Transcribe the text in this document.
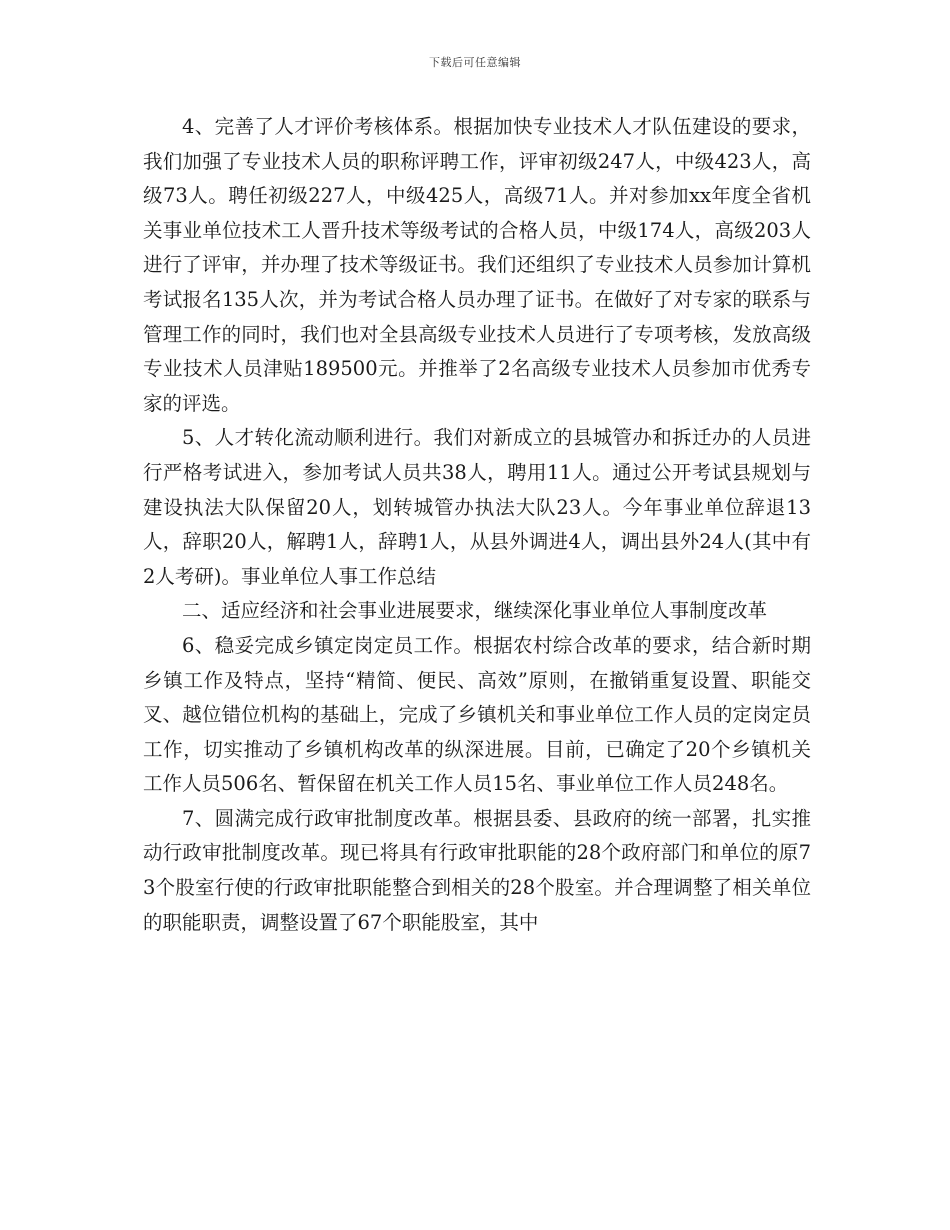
下载后可任意编辑

4、完善了人才评价考核体系。根据加快专业技术人才队伍建设的要求，我们加强了专业技术人员的职称评聘工作，评审初级247人，中级423人，高级73人。聘任初级227人，中级425人，高级71人。并对参加xx年度全省机关事业单位技术工人晋升技术等级考试的合格人员，中级174人，高级203人进行了评审，并办理了技术等级证书。我们还组织了专业技术人员参加计算机考试报名135人次，并为考试合格人员办理了证书。在做好了对专家的联系与管理工作的同时，我们也对全县高级专业技术人员进行了专项考核，发放高级专业技术人员津贴189500元。并推举了2名高级专业技术人员参加市优秀专家的评选。

5、人才转化流动顺利进行。我们对新成立的县城管办和拆迁办的人员进行严格考试进入，参加考试人员共38人，聘用11人。通过公开考试县规划与建设执法大队保留20人，划转城管办执法大队23人。今年事业单位辞退13人，辞职20人，解聘1人，辞聘1人，从县外调进4人，调出县外24人(其中有2人考研)。事业单位人事工作总结

二、适应经济和社会事业进展要求，继续深化事业单位人事制度改革

6、稳妥完成乡镇定岗定员工作。根据农村综合改革的要求，结合新时期乡镇工作及特点，坚持“精简、便民、高效”原则，在撤销重复设置、职能交叉、越位错位机构的基础上，完成了乡镇机关和事业单位工作人员的定岗定员工作，切实推动了乡镇机构改革的纵深进展。目前，已确定了20个乡镇机关工作人员506名、暂保留在机关工作人员15名、事业单位工作人员248名。

7、圆满完成行政审批制度改革。根据县委、县政府的统一部署，扎实推动行政审批制度改革。现已将具有行政审批职能的28个政府部门和单位的原73个股室行使的行政审批职能整合到相关的28个股室。并合理调整了相关单位的职能职责，调整设置了67个职能股室，其中
